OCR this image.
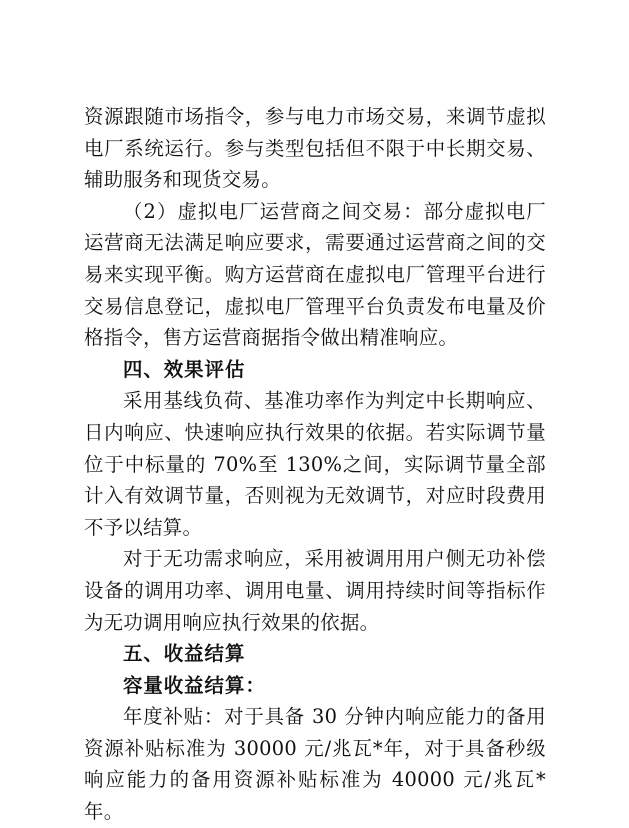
资源跟随市场指令，参与电力市场交易，来调节虚拟电厂系统运行。参与类型包括但不限于中长期交易、辅助服务和现货交易。

（2）虚拟电厂运营商之间交易：部分虚拟电厂运营商无法满足响应要求，需要通过运营商之间的交易来实现平衡。购方运营商在虚拟电厂管理平台进行交易信息登记，虚拟电厂管理平台负责发布电量及价格指令，售方运营商据指令做出精准响应。

四、效果评估

采用基线负荷、基准功率作为判定中长期响应、日内响应、快速响应执行效果的依据。若实际调节量位于中标量的 70%至 130%之间，实际调节量全部计入有效调节量，否则视为无效调节，对应时段费用不予以结算。

对于无功需求响应，采用被调用用户侧无功补偿设备的调用功率、调用电量、调用持续时间等指标作为无功调用响应执行效果的依据。

五、收益结算

容量收益结算：

年度补贴：对于具备 30 分钟内响应能力的备用资源补贴标准为 30000 元/兆瓦*年，对于具备秒级响应能力的备用资源补贴标准为 40000 元/兆瓦*年。
